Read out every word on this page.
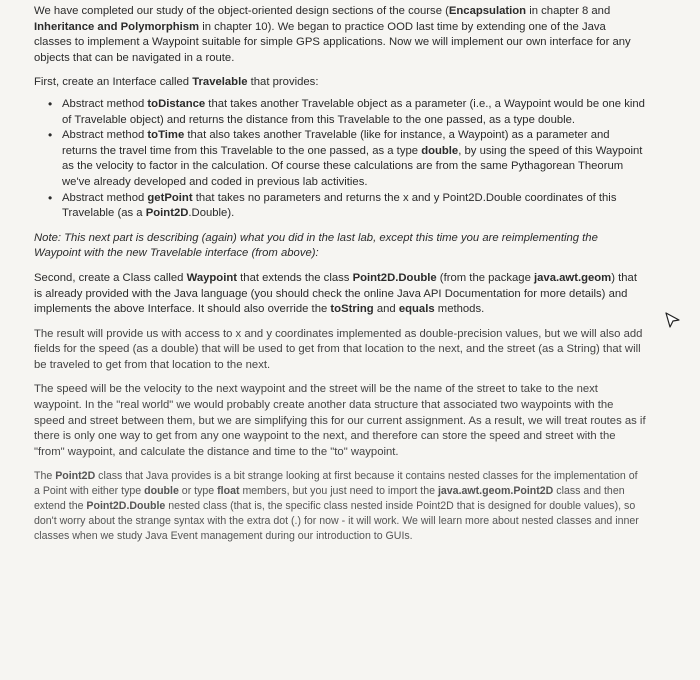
We have completed our study of the object-oriented design sections of the course (Encapsulation in chapter 8 and Inheritance and Polymorphism in chapter 10). We began to practice OOD last time by extending one of the Java classes to implement a Waypoint suitable for simple GPS applications. Now we will implement our own interface for any objects that can be navigated in a route.

First, create an Interface called Travelable that provides:

• Abstract method toDistance that takes another Travelable object as a parameter (i.e., a Waypoint would be one kind of Travelable object) and returns the distance from this Travelable to the one passed, as a type double.
• Abstract method toTime that also takes another Travelable (like for instance, a Waypoint) as a parameter and returns the travel time from this Travelable to the one passed, as a type double, by using the speed of this Waypoint as the velocity to factor in the calculation. Of course these calculations are from the same Pythagorean Theorum we've already developed and coded in previous lab activities.
• Abstract method getPoint that takes no parameters and returns the x and y Point2D.Double coordinates of this Travelable (as a Point2D.Double).

Note: This next part is describing (again) what you did in the last lab, except this time you are reimplementing the Waypoint with the new Travelable interface (from above):

Second, create a Class called Waypoint that extends the class Point2D.Double (from the package java.awt.geom) that is already provided with the Java language (you should check the online Java API Documentation for more details) and implements the above Interface. It should also override the toString and equals methods.

The result will provide us with access to x and y coordinates implemented as double-precision values, but we will also add fields for the speed (as a double) that will be used to get from that location to the next, and the street (as a String) that will be traveled to get from that location to the next.

The speed will be the velocity to the next waypoint and the street will be the name of the street to take to the next waypoint. In the "real world" we would probably create another data structure that associated two waypoints with the speed and street between them, but we are simplifying this for our current assignment. As a result, we will treat routes as if there is only one way to get from any one waypoint to the next, and therefore can store the speed and street with the "from" waypoint, and calculate the distance and time to the "to" waypoint.

The Point2D class that Java provides is a bit strange looking at first because it contains nested classes for the implementation of a Point with either type double or type float members, but you just need to import the java.awt.geom.Point2D class and then extend the Point2D.Double nested class (that is, the specific class nested inside Point2D that is designed for double values), so don't worry about the strange syntax with the extra dot (.) for now - it will work. We will learn more about nested classes and inner classes when we study Java Event management during our introduction to GUIs.
